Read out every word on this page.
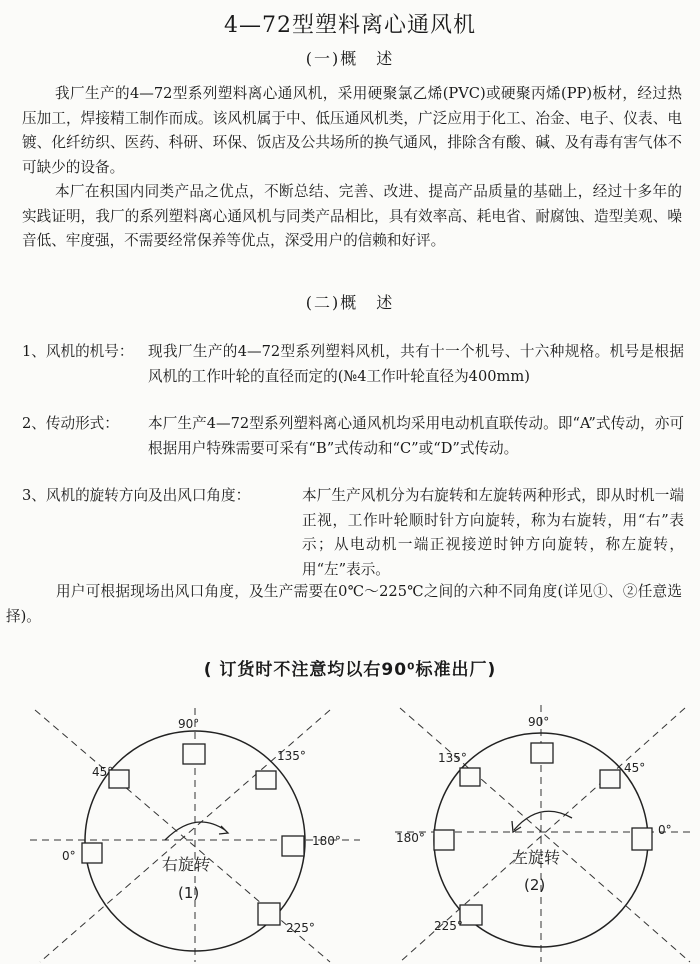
4—72型塑料离心通风机
(一)概　述

我厂生产的4—72型系列塑料离心通风机，采用硬聚氯乙烯(PVC)或硬聚丙烯(PP)板材，经过热压加工，焊接精工制作而成。该风机属于中、低压通风机类，广泛应用于化工、冶金、电子、仪表、电镀、化纤纺织、医药、科研、环保、饭店及公共场所的换气通风，排除含有酸、碱、及有毒有害气体不可缺少的设备。

本厂在积国内同类产品之优点，不断总结、完善、改进、提高产品质量的基础上，经过十多年的实践证明，我厂的系列塑料离心通风机与同类产品相比，具有效率高、耗电省、耐腐蚀、造型美观、噪音低、牢度强，不需要经常保养等优点，深受用户的信赖和好评。

(二)概　述
1、风机的机号： 现我厂生产的4—72型系列塑料风机，共有十一个机号、十六种规格。机号是根据风机的工作叶轮的直径而定的(№4工作叶轮直径为400mm)
2、传动形式： 本厂生产4—72型系列塑料离心通风机均采用电动机直联传动。即“A”式传动，亦可根据用户特殊需要可采有“B”式传动和“C”或“D”式传动。
3、风机的旋转方向及出风口角度：	本厂生产风机分为右旋转和左旋转两种形式，即从时机一端正视，工作叶轮顺时针方向旋转，称为右旋转，用“右”表示；从电动机一端正视接逆时钟方向旋转，称左旋转，用“左”表示。

用户可根据现场出风口角度，及生产需要在0℃～225℃之间的六种不同角度(详见①、②任意选择)。

( 订货时不注意均以右90⁰标准出厂)
90°
45°
135°
0°
180°
225°
右旋转
(1)
90°
135°
45°
180°
0°
225°
左旋转
(2)
